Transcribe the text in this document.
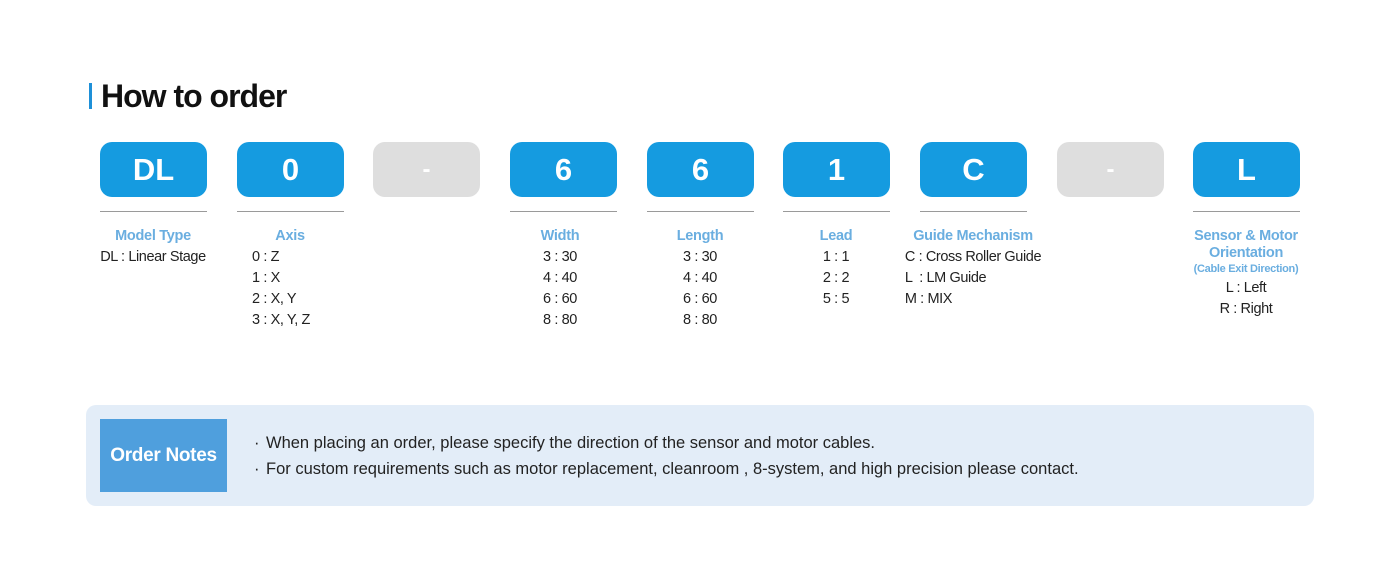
How to order
DL	0	-	6	6	1	C	-	L
Model Type
DL : Linear Stage
Axis
0 : Z
1 : X
2 : X, Y
3 : X, Y, Z
Width
3 : 30
4 : 40
6 : 60
8 : 80
Length
3 : 30
4 : 40
6 : 60
8 : 80
Lead
1 : 1
2 : 2
5 : 5
Guide Mechanism
C : Cross Roller Guide
L  : LM Guide
M : MIX
Sensor & Motor
Orientation
(Cable Exit Direction)
L : Left
R : Right
Order Notes
· When placing an order, please specify the direction of the sensor and motor cables.
· For custom requirements such as motor replacement, cleanroom , 8-system, and high precision please contact.
